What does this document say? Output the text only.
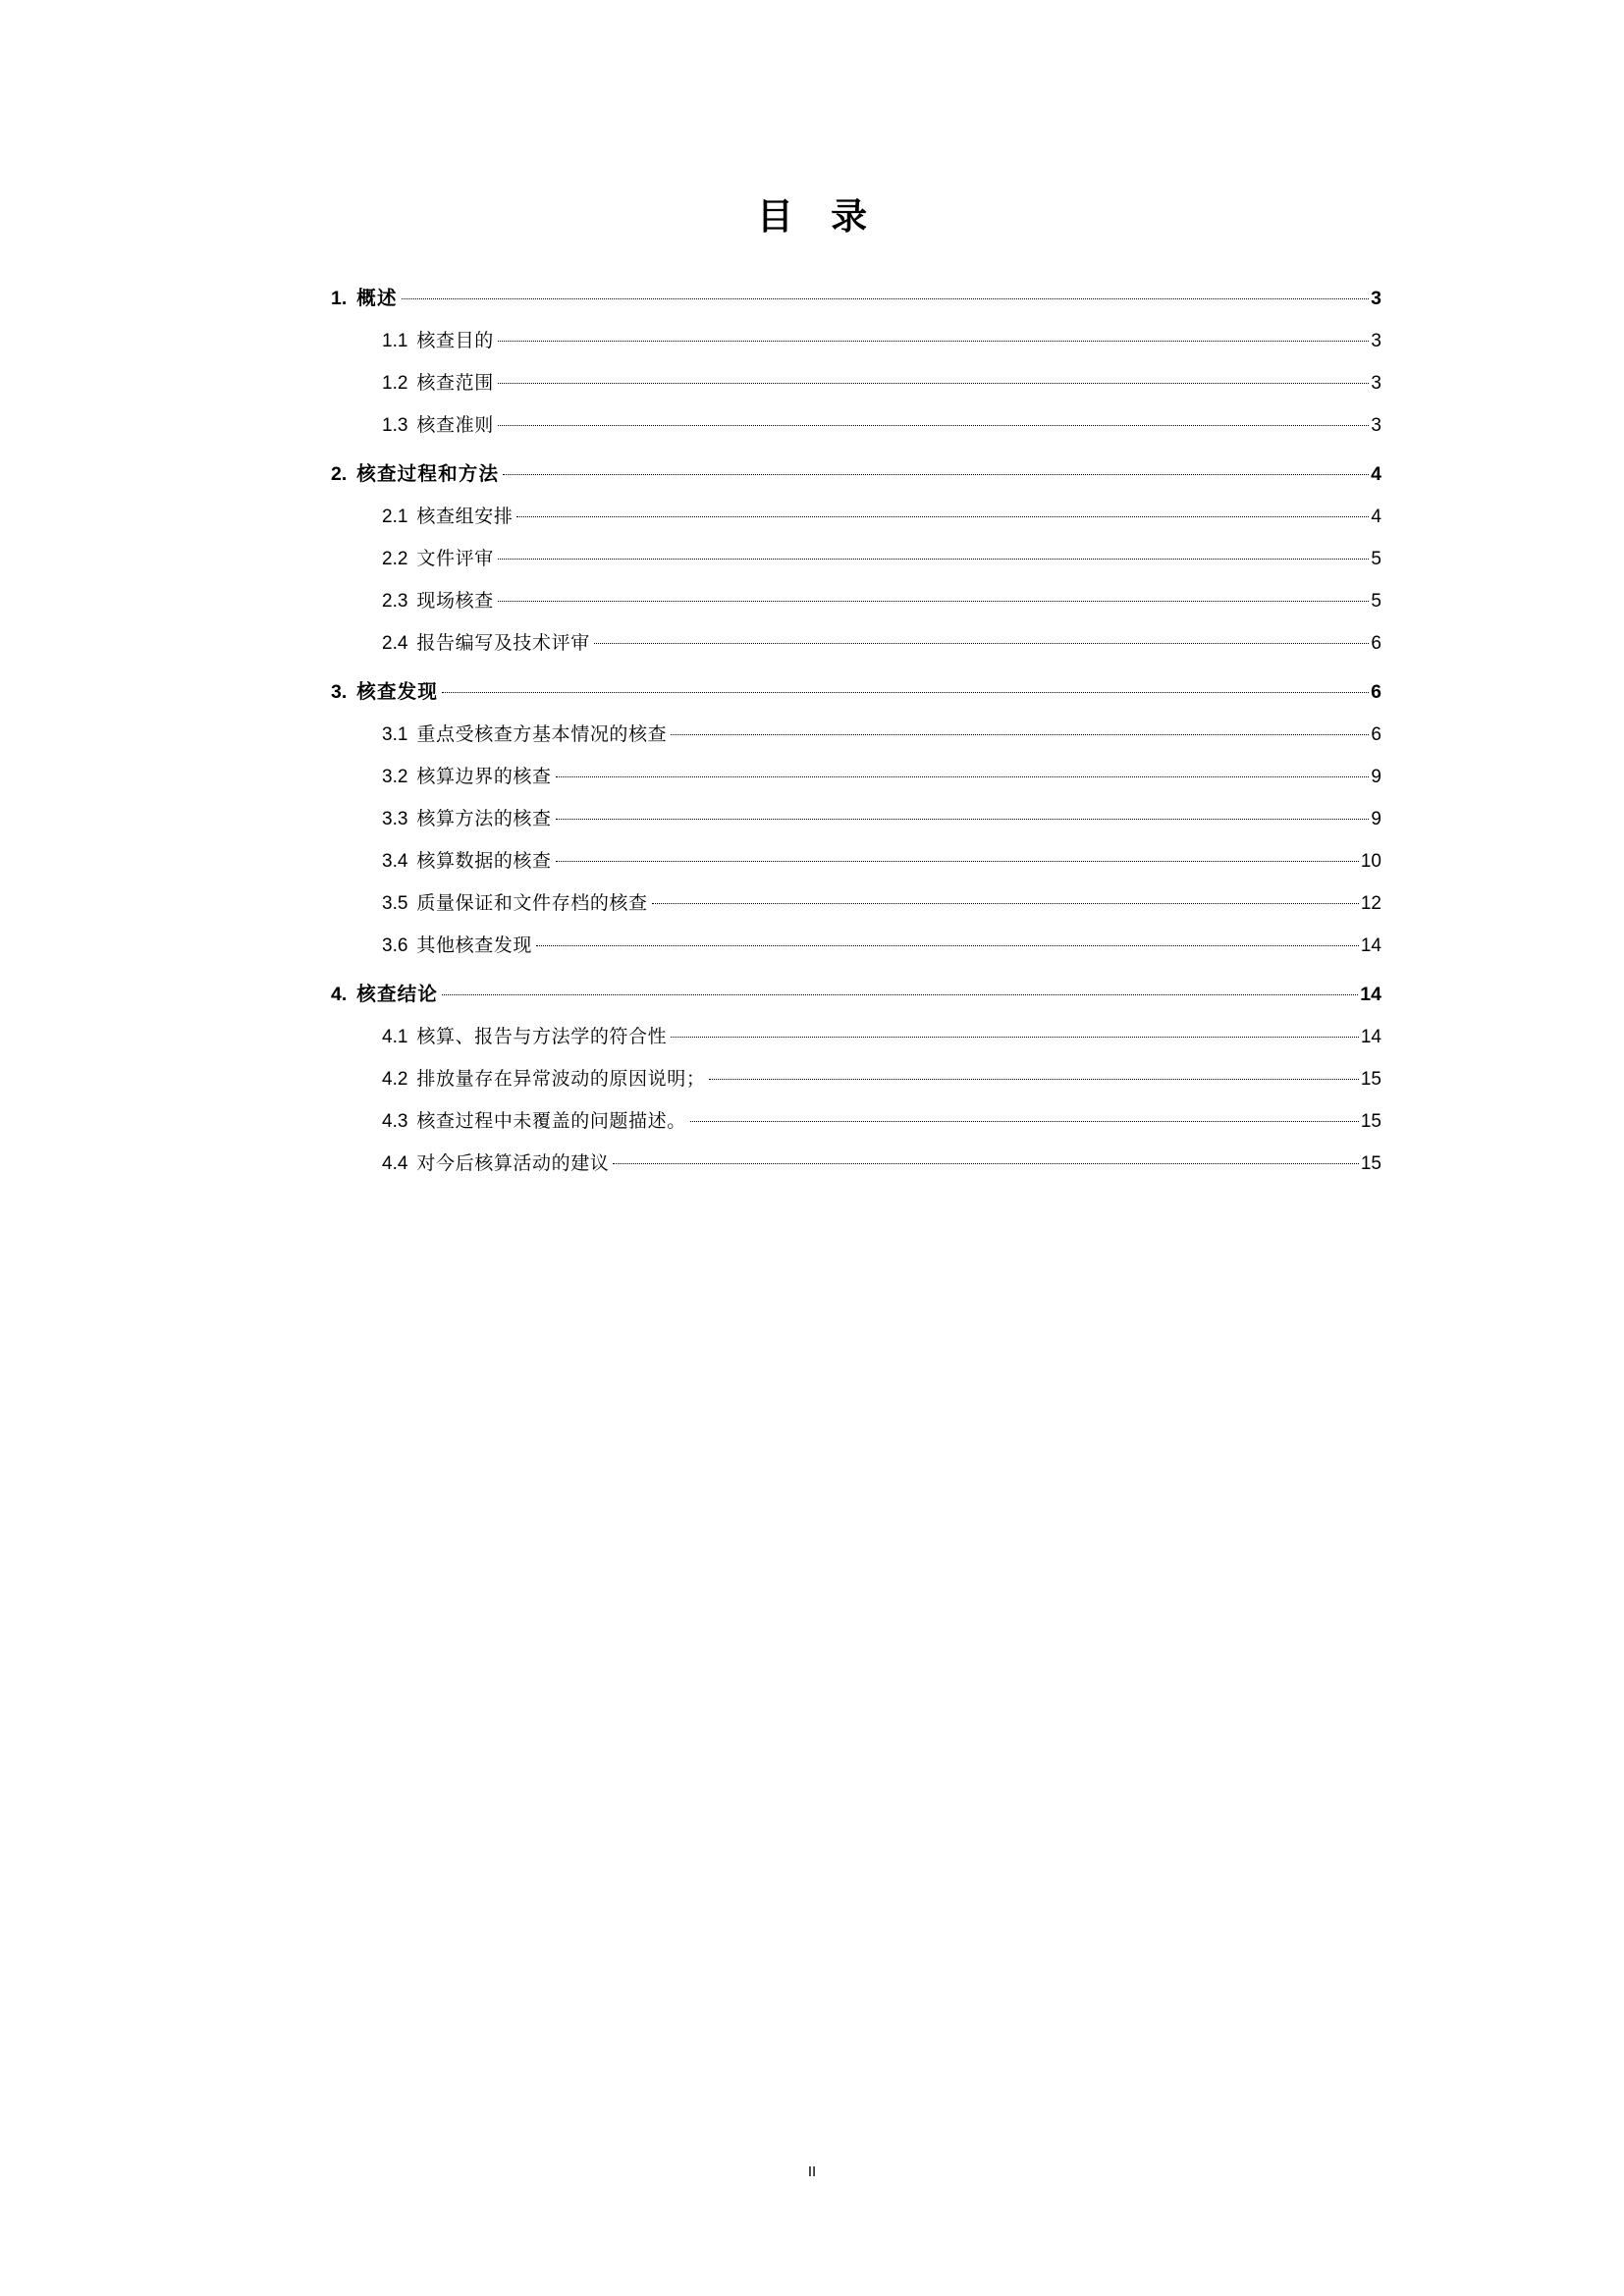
目 录
1. 概述	3
1.1 核查目的	3
1.2 核查范围	3
1.3 核查准则	3
2. 核查过程和方法	4
2.1 核查组安排	4
2.2 文件评审	5
2.3 现场核查	5
2.4 报告编写及技术评审	6
3. 核查发现	6
3.1 重点受核查方基本情况的核查	6
3.2 核算边界的核查	9
3.3 核算方法的核查	9
3.4 核算数据的核查	10
3.5 质量保证和文件存档的核查	12
3.6 其他核查发现	14
4. 核查结论	14
4.1 核算、报告与方法学的符合性	14
4.2 排放量存在异常波动的原因说明；	15
4.3 核查过程中未覆盖的问题描述。	15
4.4 对今后核算活动的建议	15
II
